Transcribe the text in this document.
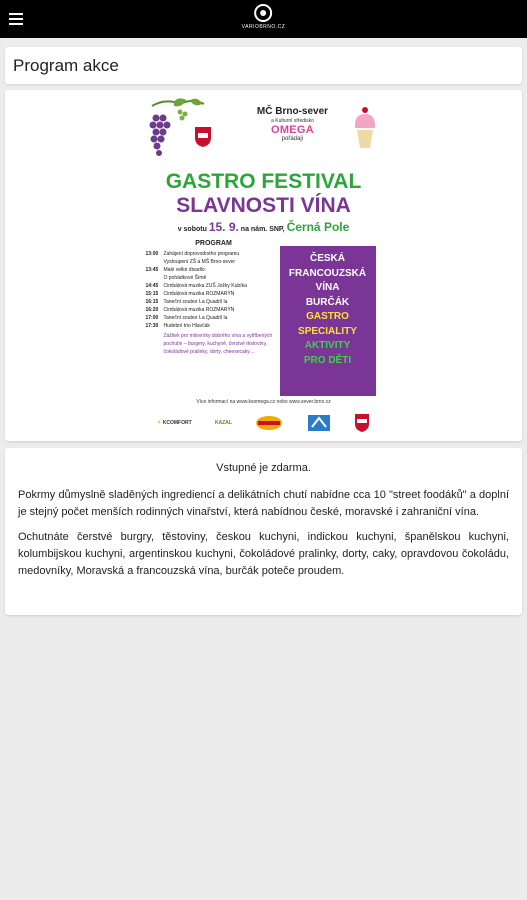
VARIOBRNO.CZ
Program akce
MČ Brno-sever
a Kulturní středisko
OMEGA
pořádají
GASTRO FESTIVAL
SLAVNOSTI VÍNA
v sobotu 15. 9. na nám. SNP, Černá Pole
PROGRAM
13:00	Zahájení doprovodného programu
Vystoupení ZŠ a MŠ Brno-sever
13:45	Malé velké divadlo:
O pohádkové Šímě
14:45	Cimbálová muzika ZUŠ Jožky Kubíka
15:15	Cimbálová muzika ROZMARÝN
16:15	Taneční soubor La Quadril la
16:20	Cimbálová muzika ROZMARÝN
17:00	Taneční soubor La Quadril la
17:30	Hudební trio Hlavčák
Zážitek pro milovníky dobrého vína a vytříbených pochutin – burgery, kuchyně, čerstvé těstoviny, čokoládové pralinky, dorty, cheesecaky…
ČESKÁ
FRANCOUZSKÁ
VÍNA
BURČÁK
GASTRO
SPECIALITY
AKTIVITY
PRO DĚTI
Více informací na www.ksomega.cz nebo www.sever.brno.cz
✦ KCOMFORT	KAZAL

Vstupné je zdarma.

Pokrmy důmyslně sladěných ingrediencí a delikátních chutí nabídne cca 10 "street foodáků" a doplní je stejný počet menších rodinných vinařství, která nabídnou české, moravské i zahraniční vína.

Ochutnáte čerstvé burgry, těstoviny, českou kuchyni, indickou kuchyni, španělskou kuchyni, kolumbijskou kuchyni, argentinskou kuchyni, čokoládové pralinky, dorty, caky, opravdovou čokoládu, medovníky, Moravská a francouzská vína, burčák poteče proudem.
